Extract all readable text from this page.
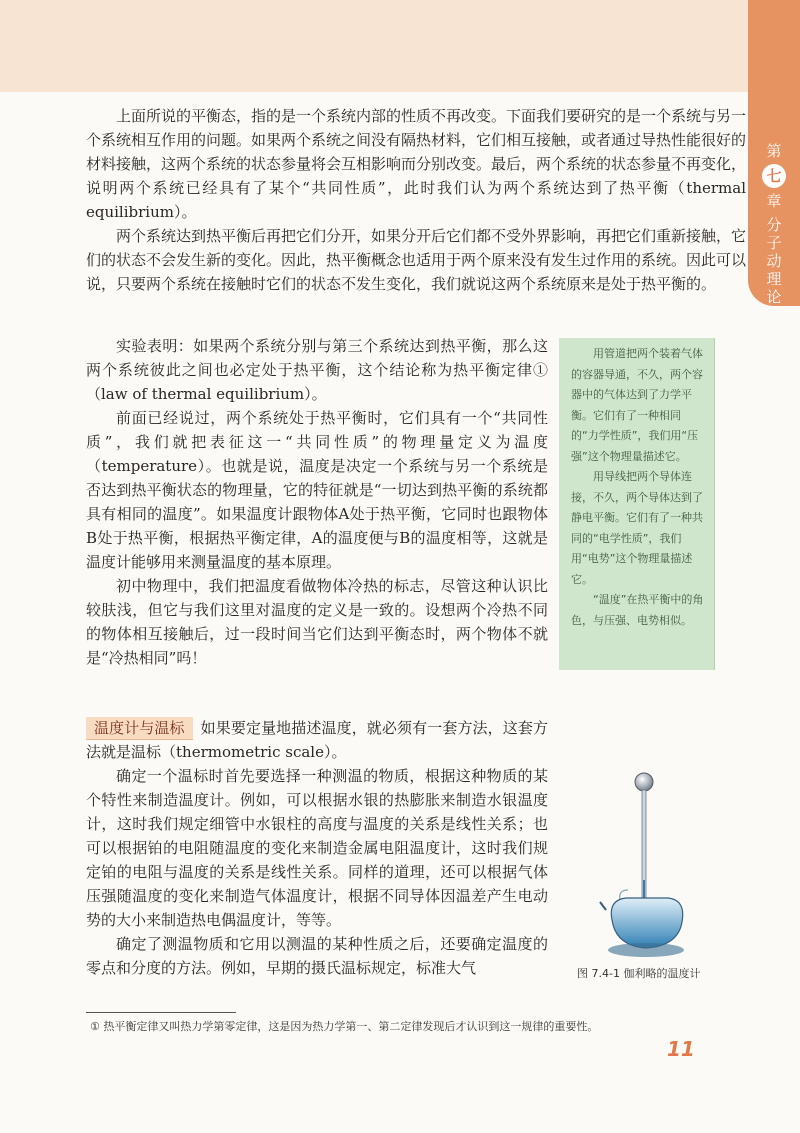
第
七
章
分
子
动
理
论

上面所说的平衡态，指的是一个系统内部的性质不再改变。下面我们要研究的是一个系统与另一个系统相互作用的问题。如果两个系统之间没有隔热材料，它们相互接触，或者通过导热性能很好的材料接触，这两个系统的状态参量将会互相影响而分别改变。最后，两个系统的状态参量不再变化，说明两个系统已经具有了某个“共同性质”，此时我们认为两个系统达到了热平衡（thermal equilibrium）。

两个系统达到热平衡后再把它们分开，如果分开后它们都不受外界影响，再把它们重新接触，它们的状态不会发生新的变化。因此，热平衡概念也适用于两个原来没有发生过作用的系统。因此可以说，只要两个系统在接触时它们的状态不发生变化，我们就说这两个系统原来是处于热平衡的。

实验表明：如果两个系统分别与第三个系统达到热平衡，那么这两个系统彼此之间也必定处于热平衡，这个结论称为热平衡定律①（law of thermal equilibrium）。

前面已经说过，两个系统处于热平衡时，它们具有一个“共同性质”，我们就把表征这一“共同性质”的物理量定义为温度（temperature）。也就是说，温度是决定一个系统与另一个系统是否达到热平衡状态的物理量，它的特征就是“一切达到热平衡的系统都具有相同的温度”。如果温度计跟物体A处于热平衡，它同时也跟物体B处于热平衡，根据热平衡定律，A的温度便与B的温度相等，这就是温度计能够用来测量温度的基本原理。

初中物理中，我们把温度看做物体冷热的标志，尽管这种认识比较肤浅，但它与我们这里对温度的定义是一致的。设想两个冷热不同的物体相互接触后，过一段时间当它们达到平衡态时，两个物体不就是“冷热相同”吗！

用管道把两个装着气体的容器导通，不久，两个容器中的气体达到了力学平衡。它们有了一种相同的“力学性质”，我们用“压强”这个物理量描述它。

用导线把两个导体连接，不久，两个导体达到了静电平衡。它们有了一种共同的“电学性质”，我们用“电势”这个物理量描述它。

“温度”在热平衡中的角色，与压强、电势相似。

温度计与温标 如果要定量地描述温度，就必须有一套方法，这套方法就是温标（thermometric scale）。

确定一个温标时首先要选择一种测温的物质，根据这种物质的某个特性来制造温度计。例如，可以根据水银的热膨胀来制造水银温度计，这时我们规定细管中水银柱的高度与温度的关系是线性关系；也可以根据铂的电阻随温度的变化来制造金属电阻温度计，这时我们规定铂的电阻与温度的关系是线性关系。同样的道理，还可以根据气体压强随温度的变化来制造气体温度计，根据不同导体因温差产生电动势的大小来制造热电偶温度计，等等。

确定了测温物质和它用以测温的某种性质之后，还要确定温度的零点和分度的方法。例如，早期的摄氏温标规定，标准大气	图 7.4-1 伽利略的温度计
① 热平衡定律又叫热力学第零定律，这是因为热力学第一、第二定律发现后才认识到这一规律的重要性。
11
